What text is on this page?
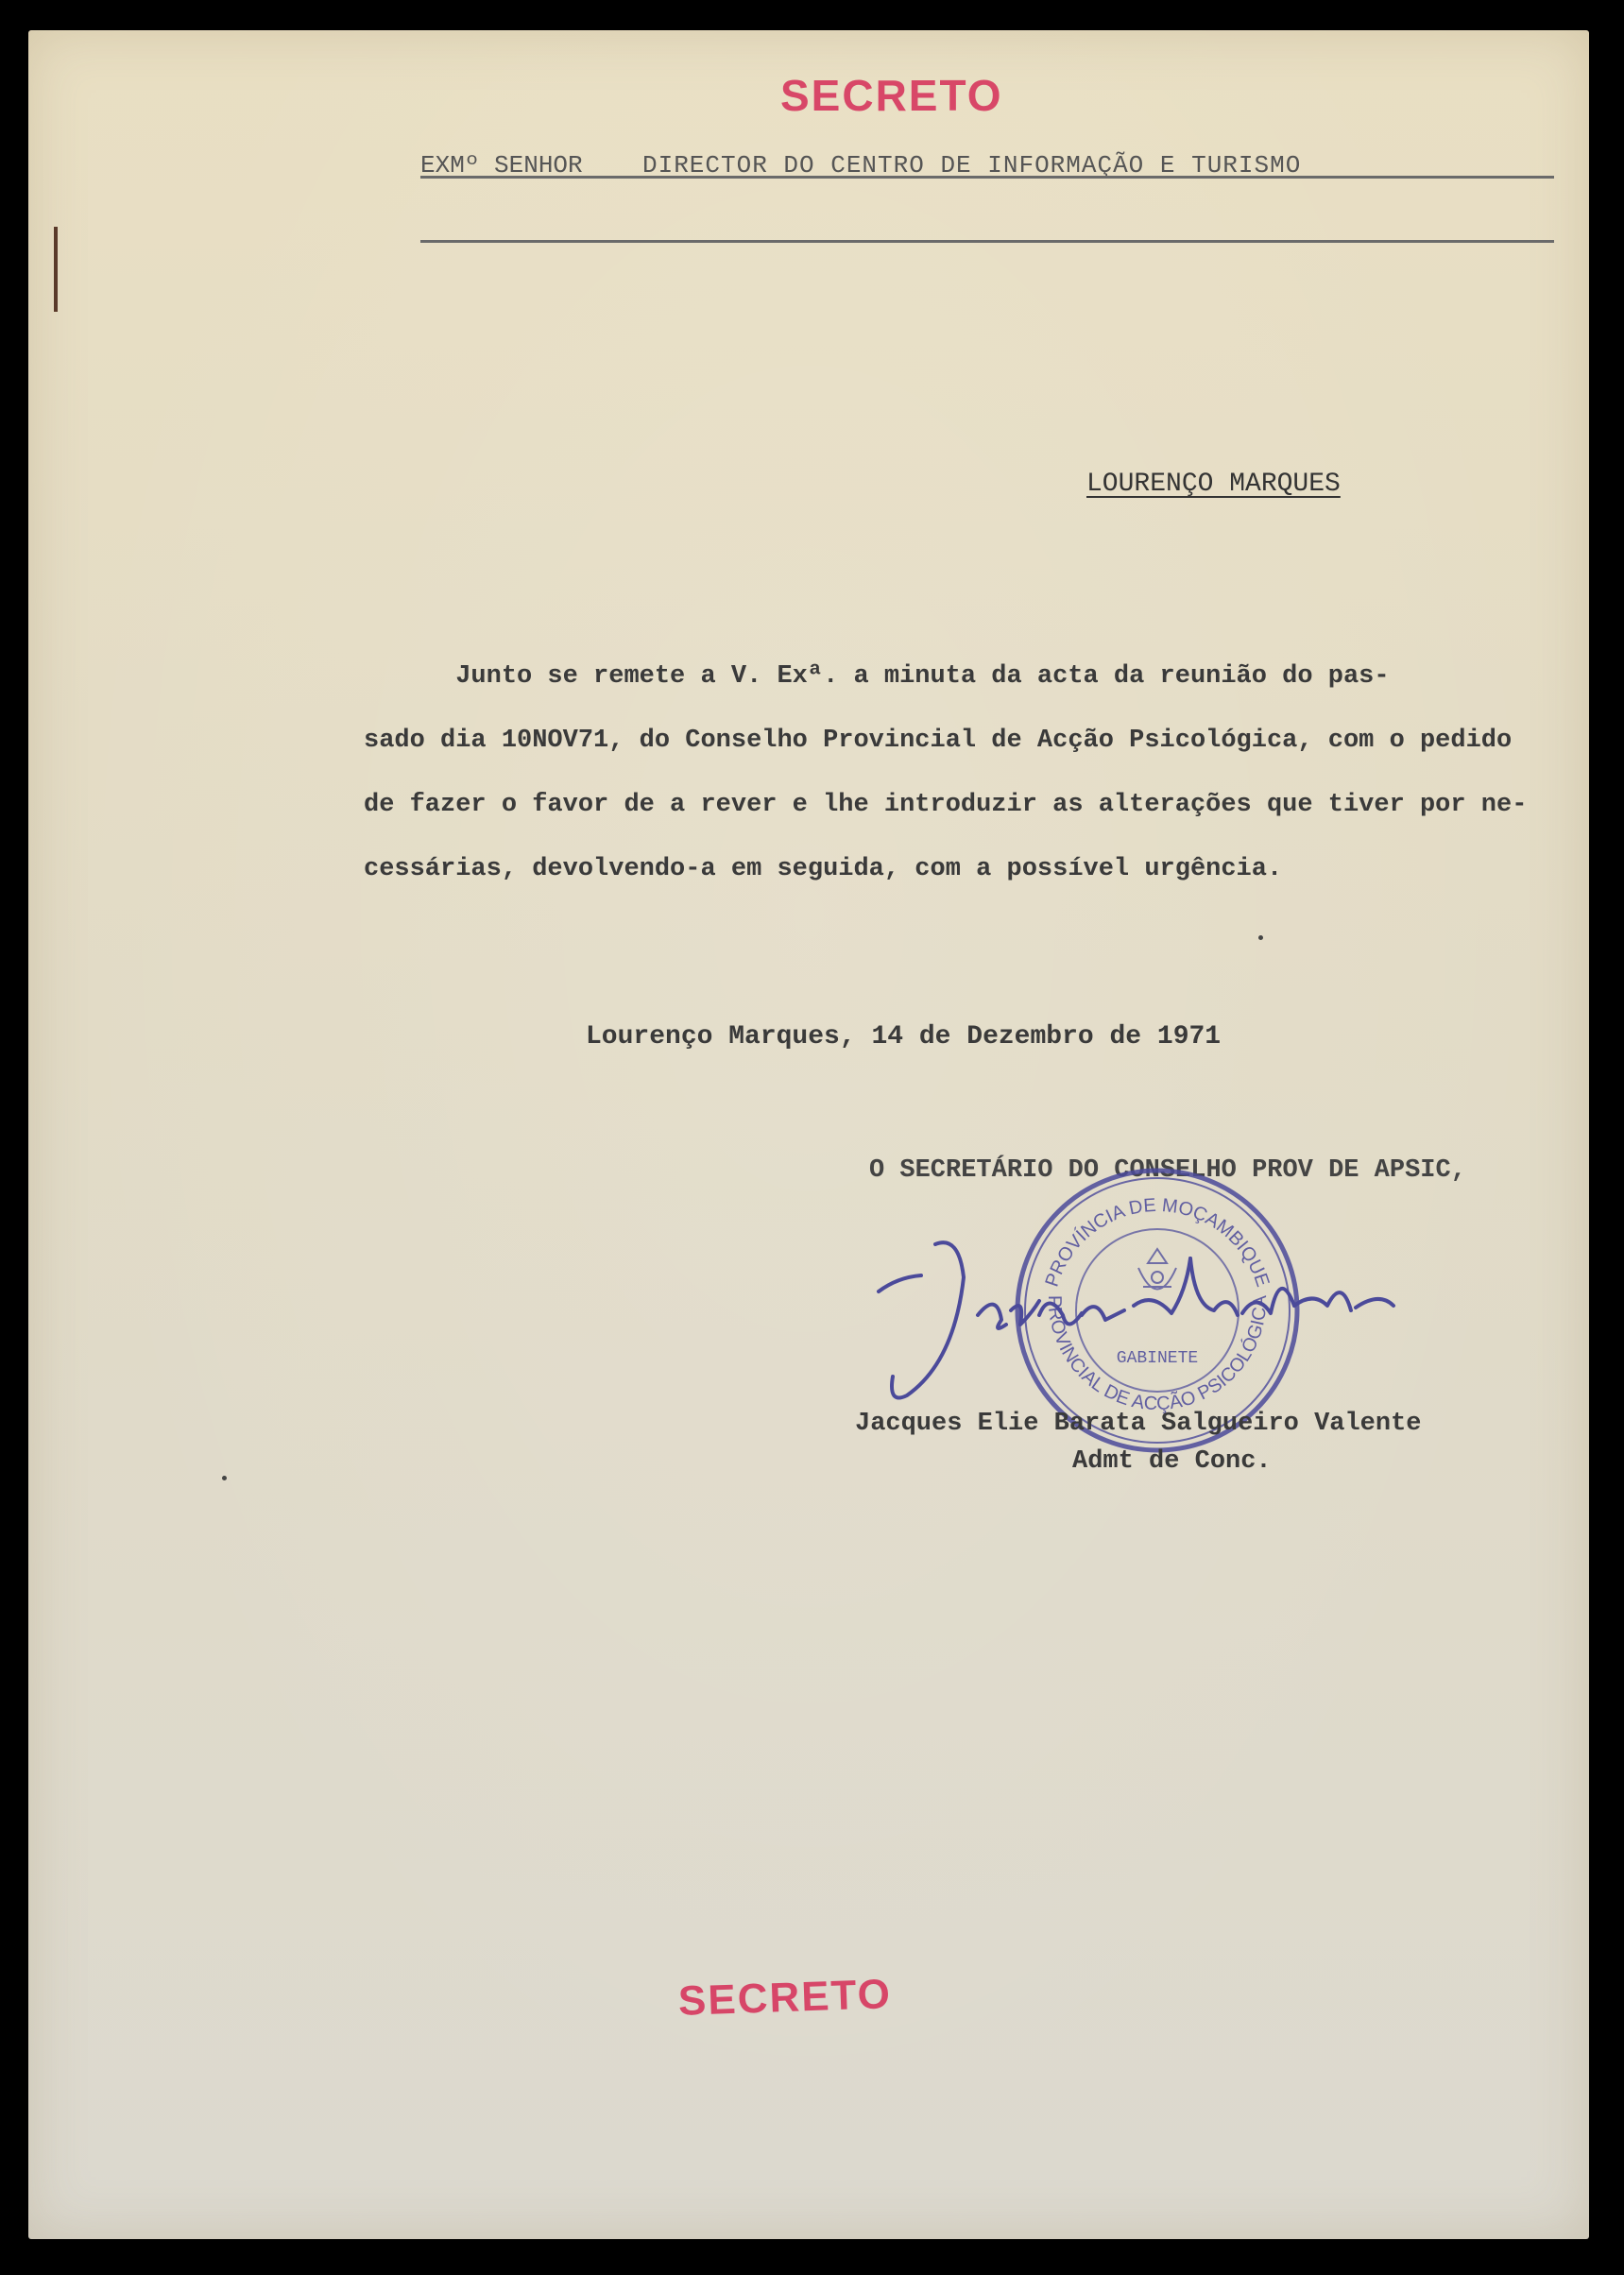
SECRETO
EXMº SENHOR DIRECTOR DO CENTRO DE INFORMAÇÃO E TURISMO
LOURENÇO MARQUES
Junto se remete a V. Exª. a minuta da acta da reunião do pas-
sado dia 10NOV71, do Conselho Provincial de Acção Psicológica, com o pedido
de fazer o favor de a rever e lhe introduzir as alterações que tiver por ne-
cessárias, devolvendo-a em seguida, com a possível urgência.
Lourenço Marques, 14 de Dezembro de 1971
O SECRETÁRIO DO CONSELHO PROV DE APSIC,
PROVÍNCIA DE MOÇAMBIQUE
PROVINCIAL DE ACÇÃO PSICOLÓGICA
GABINETE
Jacques Elie Barata Salgueiro Valente
Admt de Conc.
SECRETO
